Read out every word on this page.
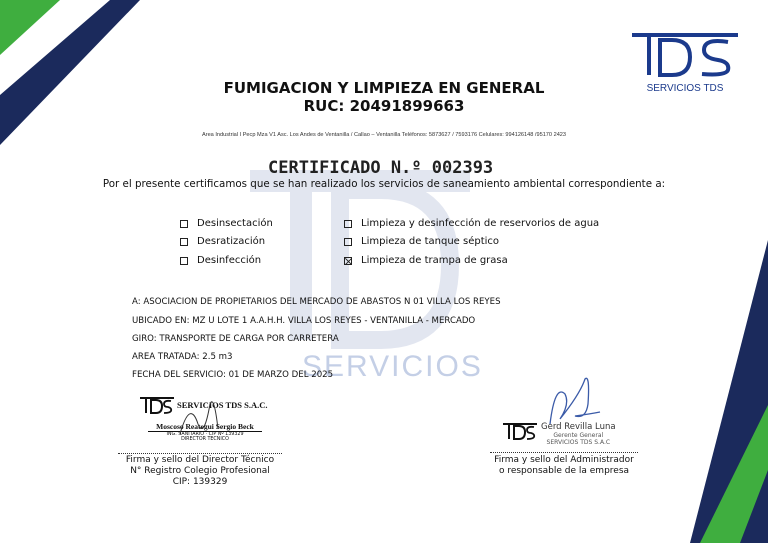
SERVICIOS
SERVICIOS TDS
FUMIGACION Y LIMPIEZA EN GENERAL
RUC: 20491899663
Area Industrial I Pecp Mza V1 Asc. Los Andes de Ventanilla / Callao – Ventanilla Teléfonos: 5873627 / 7593176 Celulares: 994126148 /95170 2423
CERTIFICADO N.º 002393
Por el presente certificamos que se han realizado los servicios de saneamiento ambiental correspondiente a:
Desinsectación
Desratización
Desinfección
Limpieza y desinfección de reservorios de agua
Limpieza de tanque séptico
Limpieza de trampa de grasa
A: ASOCIACION DE PROPIETARIOS DEL MERCADO DE ABASTOS N 01 VILLA LOS REYES
UBICADO EN: MZ U LOTE 1 A.A.H.H. VILLA LOS REYES - VENTANILLA - MERCADO
GIRO: TRANSPORTE DE CARGA POR CARRETERA
AREA TRATADA: 2.5 m3
FECHA DEL SERVICIO: 01 DE MARZO DEL 2025
SERVICIOS TDS S.A.C.
Moscoso Reategui Sergio Beck
ING. SANITARIO · CIP Nº 139329
DIRECTOR TECNICO
Firma y sello del Director Técnico
N° Registro Colegio Profesional
CIP: 139329
Gerd Revilla Luna
Gerente General
SERVICIOS TDS S.A.C
Firma y sello del Administrador
o responsable de la empresa
